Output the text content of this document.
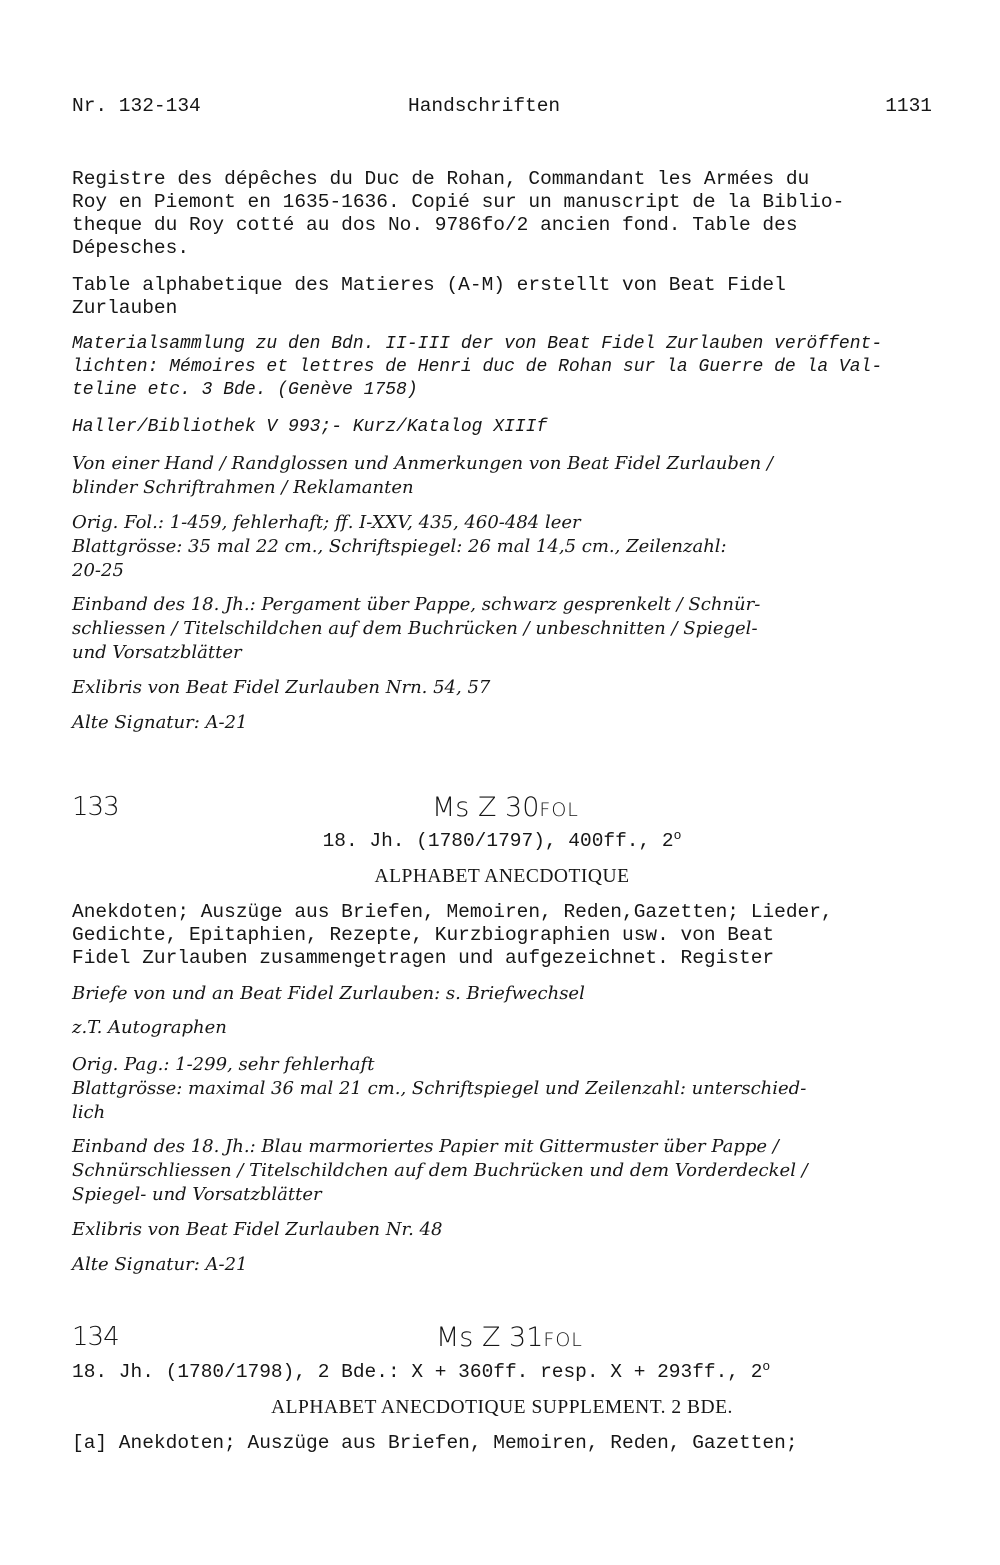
Nr. 132-134	Handschriften	1131
Registre des dépêches du Duc de Rohan, Commandant les Armées du
Roy en Piemont en 1635-1636. Copié sur un manuscript de la Biblio-
theque du Roy cotté au dos No. 9786fo/2 ancien fond. Table des
Dépesches.
Table alphabetique des Matieres (A-M) erstellt von Beat Fidel
Zurlauben
Materialsammlung zu den Bdn. II-III der von Beat Fidel Zurlauben veröffent-
lichten: Mémoires et lettres de Henri duc de Rohan sur la Guerre de la Val-
teline etc. 3 Bde. (Genève 1758)
Haller/Bibliothek V 993;- Kurz/Katalog XIIIf
Von einer Hand / Randglossen und Anmerkungen von Beat Fidel Zurlauben /
blinder Schriftrahmen / Reklamanten
Orig. Fol.: 1-459, fehlerhaft; ff. I-XXV, 435, 460-484 leer
Blattgrösse: 35 mal 22 cm., Schriftspiegel: 26 mal 14,5 cm., Zeilenzahl:
20-25
Einband des 18. Jh.: Pergament über Pappe, schwarz gesprenkelt / Schnür-
schliessen / Titelschildchen auf dem Buchrücken / unbeschnitten / Spiegel-
und Vorsatzblätter
Exlibris von Beat Fidel Zurlauben Nrn. 54, 57
Alte Signatur: A-21
133	Ms Z 30FOL
18. Jh. (1780/1797), 400ff., 2$^o$
ALPHABET ANECDOTIQUE
Anekdoten; Auszüge aus Briefen, Memoiren, Reden,Gazetten; Lieder,
Gedichte, Epitaphien, Rezepte, Kurzbiographien usw. von Beat
Fidel Zurlauben zusammengetragen und aufgezeichnet. Register
Briefe von und an Beat Fidel Zurlauben: s. Briefwechsel
z.T. Autographen
Orig. Pag.: 1-299, sehr fehlerhaft
Blattgrösse: maximal 36 mal 21 cm., Schriftspiegel und Zeilenzahl: unterschied-
lich
Einband des 18. Jh.: Blau marmoriertes Papier mit Gittermuster über Pappe /
Schnürschliessen / Titelschildchen auf dem Buchrücken und dem Vorderdeckel /
Spiegel- und Vorsatzblätter
Exlibris von Beat Fidel Zurlauben Nr. 48
Alte Signatur: A-21
134	Ms Z 31FOL
18. Jh. (1780/1798), 2 Bde.: X + 360ff. resp. X + 293ff., 2$^o$
ALPHABET ANECDOTIQUE SUPPLEMENT. 2 BDE.
[a] Anekdoten; Auszüge aus Briefen, Memoiren, Reden, Gazetten;
